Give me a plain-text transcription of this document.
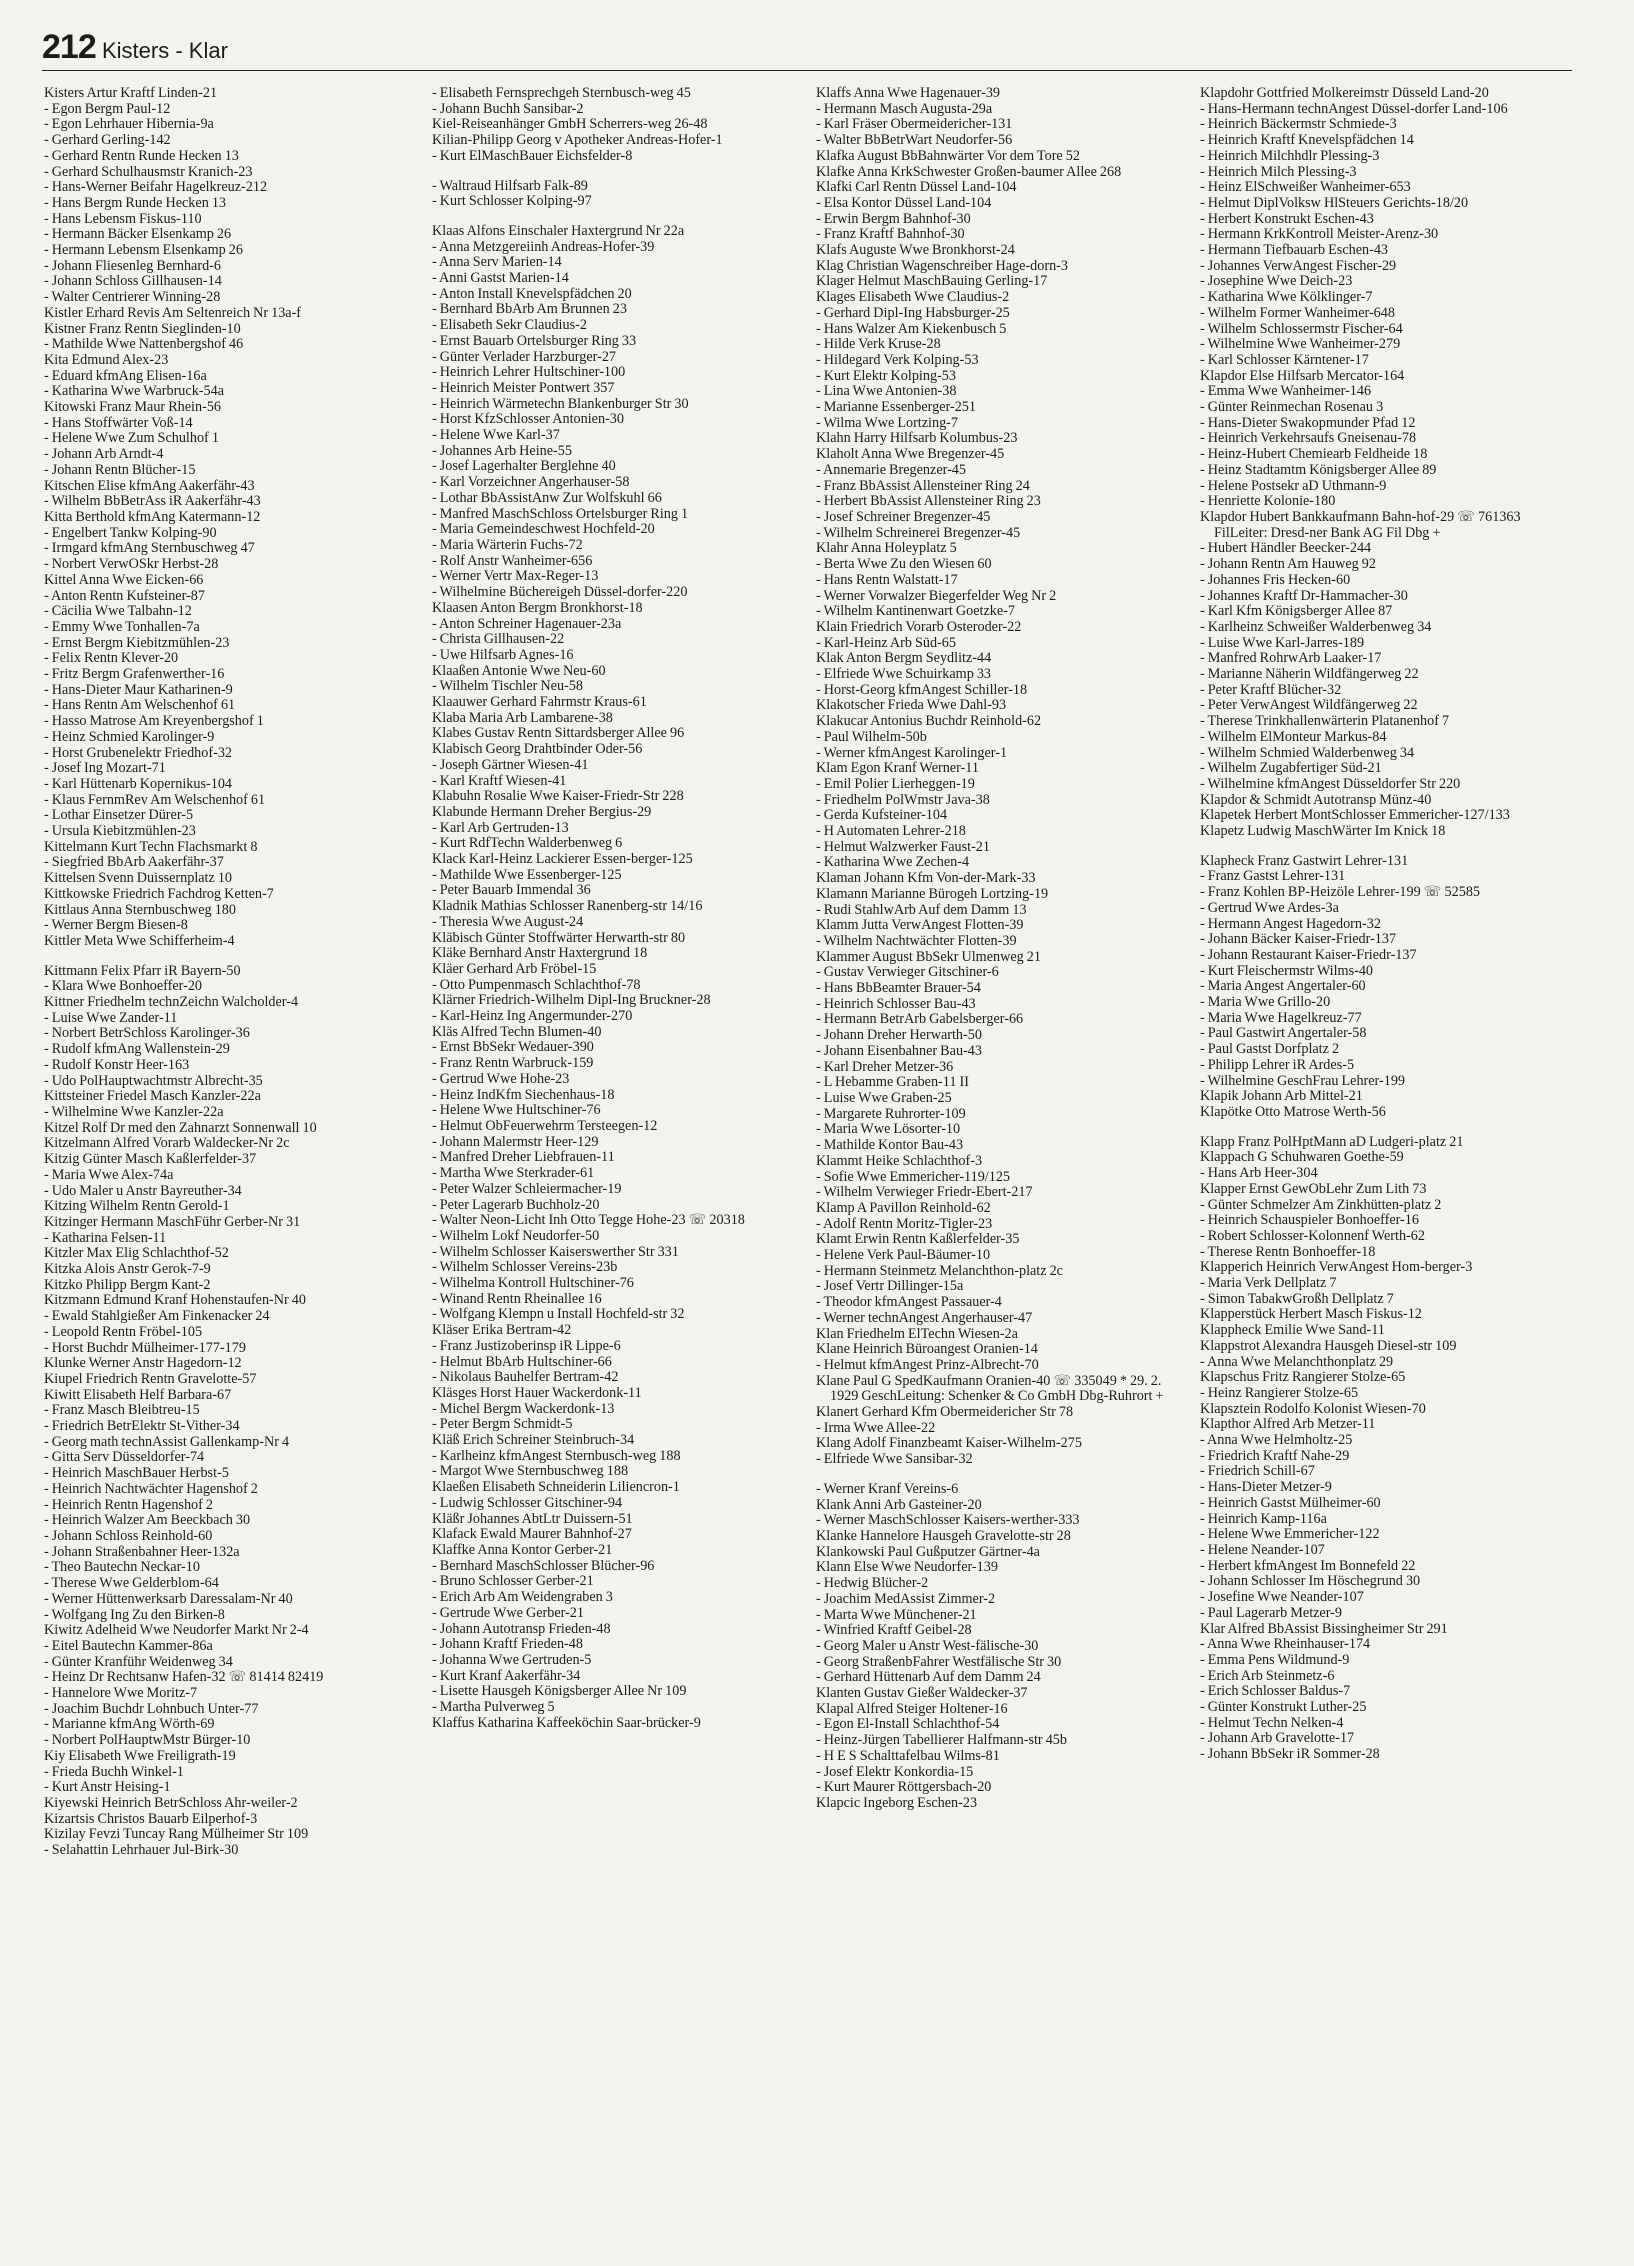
212 Kisters - Klar
Kisters Artur Kraftf Linden-21
- Egon Bergm Paul-12
- Egon Lehrhauer Hibernia-9a
- Gerhard Gerling-142
- Gerhard Rentn Runde Hecken 13
- Gerhard Schulhausmstr Kranich-23
- Hans-Werner Beifahr Hagelkreuz-212
- Hans Bergm Runde Hecken 13
- Hans Lebensm Fiskus-110
- Hermann Bäcker Elsenkamp 26
- Hermann Lebensm Elsenkamp 26
- Johann Fliesenleg Bernhard-6
- Johann Schloss Gillhausen-14
- Walter Centrierer Winning-28
Kistler Erhard Revis Am Seltenreich Nr 13a-f
Kistner Franz Rentn Sieglinden-10
- Mathilde Wwe Nattenbergshof 46
Kita Edmund Alex-23
- Eduard kfmAng Elisen-16a
- Katharina Wwe Warbruck-54a
Kitowski Franz Maur Rhein-56
- Hans Stoffwärter Voß-14
- Helene Wwe Zum Schulhof 1
- Johann Arb Arndt-4
- Johann Rentn Blücher-15
Kitschen Elise kfmAng Aakerfähr-43
- Wilhelm BbBetrAss iR Aakerfähr-43
Kitta Berthold kfmAng Katermann-12
- Engelbert Tankw Kolping-90
- Irmgard kfmAng Sternbuschweg 47
- Norbert VerwOSkr Herbst-28
Kittel Anna Wwe Eicken-66
- Anton Rentn Kufsteiner-87
- Cäcilia Wwe Talbahn-12
- Emmy Wwe Tonhallen-7a
- Ernst Bergm Kiebitzmühlen-23
- Felix Rentn Klever-20
- Fritz Bergm Grafenwerther-16
- Hans-Dieter Maur Katharinen-9
- Hans Rentn Am Welschenhof 61
- Hasso Matrose Am Kreyenbergshof 1
- Heinz Schmied Karolinger-9
- Horst Grubenelektr Friedhof-32
- Josef Ing Mozart-71
- Karl Hüttenarb Kopernikus-104
- Klaus FernmRev Am Welschenhof 61
- Lothar Einsetzer Dürer-5
- Ursula Kiebitzmühlen-23
Kittelmann Kurt Techn Flachsmarkt 8
- Siegfried BbArb Aakerfähr-37
Kittelsen Svenn Duissernplatz 10
Kittkowske Friedrich Fachdrog Ketten-7
Kittlaus Anna Sternbuschweg 180
- Werner Bergm Biesen-8
Kittler Meta Wwe Schifferheim-4
Kittmann Felix Pfarr iR Bayern-50
- Klara Wwe Bonhoeffer-20
Kittner Friedhelm technZeichn Walcholder-4
- Luise Wwe Zander-11
- Norbert BetrSchloss Karolinger-36
- Rudolf kfmAng Wallenstein-29
- Rudolf Konstr Heer-163
- Udo PolHauptwachtmstr Albrecht-35
Kittsteiner Friedel Masch Kanzler-22a
- Wilhelmine Wwe Kanzler-22a
Kitzel Rolf Dr med den Zahnarzt Sonnenwall 10
Kitzelmann Alfred Vorarb Waldecker-Nr 2c
Kitzig Günter Masch Kaßlerfelder-37
- Maria Wwe Alex-74a
- Udo Maler u Anstr Bayreuther-34
Kitzing Wilhelm Rentn Gerold-1
Kitzinger Hermann MaschFühr Gerber-Nr 31
- Katharina Felsen-11
Kitzler Max Elig Schlachthof-52
Kitzka Alois Anstr Gerok-7-9
Kitzko Philipp Bergm Kant-2
Kitzmann Edmund Kranf Hohenstaufen-Nr 40
- Ewald Stahlgießer Am Finkenacker 24
- Leopold Rentn Fröbel-105
- Horst Buchdr Mülheimer-177-179
Klunke Werner Anstr Hagedorn-12
Kiupel Friedrich Rentn Gravelotte-57
Kiwitt Elisabeth Helf Barbara-67
- Franz Masch Bleibtreu-15
- Friedrich BetrElektr St-Vither-34
- Georg math technAssist Gallenkamp-Nr 4
- Gitta Serv Düsseldorfer-74
- Heinrich MaschBauer Herbst-5
- Heinrich Nachtwächter Hagenshof 2
- Heinrich Rentn Hagenshof 2
- Heinrich Walzer Am Beeckbach 30
- Johann Schloss Reinhold-60
- Johann Straßenbahner Heer-132a
- Theo Bautechn Neckar-10
- Therese Wwe Gelderblom-64
- Werner Hüttenwerksarb Daressalam-Nr 40
- Wolfgang Ing Zu den Birken-8
Kiwitz Adelheid Wwe Neudorfer Markt Nr 2-4
- Eitel Bautechn Kammer-86a
- Günter Kranführ Weidenweg 34
- Heinz Dr Rechtsanw Hafen-32 ☏ 81414 82419
- Hannelore Wwe Moritz-7
- Joachim Buchdr Lohnbuch Unter-77
- Marianne kfmAng Wörth-69
- Norbert PolHauptwMstr Bürger-10
Kiy Elisabeth Wwe Freiligrath-19
- Frieda Buchh Winkel-1
- Kurt Anstr Heising-1
Kiyewski Heinrich BetrSchloss Ahr-weiler-2
Kizartsis Christos Bauarb Eilperhof-3
Kizilay Fevzi Tuncay Rang Mülheimer Str 109
- Selahattin Lehrhauer Jul-Birk-30
- Elisabeth Fernsprechgeh Sternbusch-weg 45
- Johann Buchh Sansibar-2
Kiel-Reiseanhänger GmbH Scherrers-weg 26-48
Kilian-Philipp Georg v Apotheker Andreas-Hofer-1
- Kurt ElMaschBauer Eichsfelder-8
- Waltraud Hilfsarb Falk-89
- Kurt Schlosser Kolping-97
Klaas Alfons Einschaler Haxtergrund Nr 22a
- Anna Metzgereiinh Andreas-Hofer-39
- Anna Serv Marien-14
- Anni Gastst Marien-14
- Anton Install Knevelspfädchen 20
- Bernhard BbArb Am Brunnen 23
- Elisabeth Sekr Claudius-2
- Ernst Bauarb Ortelsburger Ring 33
- Günter Verlader Harzburger-27
- Heinrich Lehrer Hultschiner-100
- Heinrich Meister Pontwert 357
- Heinrich Wärmetechn Blankenburger Str 30
- Horst KfzSchlosser Antonien-30
- Helene Wwe Karl-37
- Johannes Arb Heine-55
- Josef Lagerhalter Berglehne 40
- Karl Vorzeichner Angerhauser-58
- Lothar BbAssistAnw Zur Wolfskuhl 66
- Manfred MaschSchloss Ortelsburger Ring 1
- Maria Gemeindeschwest Hochfeld-20
- Maria Wärterin Fuchs-72
- Rolf Anstr Wanheimer-656
- Werner Vertr Max-Reger-13
- Wilhelmine Büchereigeh Düssel-dorfer-220
Klaasen Anton Bergm Bronkhorst-18
- Anton Schreiner Hagenauer-23a
- Christa Gillhausen-22
- Uwe Hilfsarb Agnes-16
Klaaßen Antonie Wwe Neu-60
- Wilhelm Tischler Neu-58
Klaauwer Gerhard Fahrmstr Kraus-61
Klaba Maria Arb Lambarene-38
Klabes Gustav Rentn Sittardsberger Allee 96
Klabisch Georg Drahtbinder Oder-56
- Joseph Gärtner Wiesen-41
- Karl Kraftf Wiesen-41
Klabuhn Rosalie Wwe Kaiser-Friedr-Str 228
Klabunde Hermann Dreher Bergius-29
- Karl Arb Gertruden-13
- Kurt RdfTechn Walderbenweg 6
Klack Karl-Heinz Lackierer Essen-berger-125
- Mathilde Wwe Essenberger-125
- Peter Bauarb Immendal 36
Kladnik Mathias Schlosser Ranenberg-str 14/16
- Theresia Wwe August-24
Kläbisch Günter Stoffwärter Herwarth-str 80
Kläke Bernhard Anstr Haxtergrund 18
Kläer Gerhard Arb Fröbel-15
- Otto Pumpenmasch Schlachthof-78
Klärner Friedrich-Wilhelm Dipl-Ing Bruckner-28
- Karl-Heinz Ing Angermunder-270
Kläs Alfred Techn Blumen-40
- Ernst BbSekr Wedauer-390
- Franz Rentn Warbruck-159
- Gertrud Wwe Hohe-23
- Heinz IndKfm Siechenhaus-18
- Helene Wwe Hultschiner-76
- Helmut ObFeuerwehrm Tersteegen-12
- Johann Malermstr Heer-129
- Manfred Dreher Liebfrauen-11
- Martha Wwe Sterkrader-61
- Peter Walzer Schleiermacher-19
- Peter Lagerarb Buchholz-20
- Walter Neon-Licht Inh Otto Tegge Hohe-23 ☏ 20318
- Wilhelm Lokf Neudorfer-50
- Wilhelm Schlosser Kaiserswerther Str 331
- Wilhelm Schlosser Vereins-23b
- Wilhelma Kontroll Hultschiner-76
- Winand Rentn Rheinallee 16
- Wolfgang Klempn u Install Hochfeld-str 32
Kläser Erika Bertram-42
- Franz Justizoberinsp iR Lippe-6
- Helmut BbArb Hultschiner-66
- Nikolaus Bauhelfer Bertram-42
Kläsges Horst Hauer Wackerdonk-11
- Michel Bergm Wackerdonk-13
- Peter Bergm Schmidt-5
Kläß Erich Schreiner Steinbruch-34
- Karlheinz kfmAngest Sternbusch-weg 188
- Margot Wwe Sternbuschweg 188
Klaeßen Elisabeth Schneiderin Liliencron-1
- Ludwig Schlosser Gitschiner-94
Kläßr Johannes AbtLtr Duissern-51
Klafack Ewald Maurer Bahnhof-27
Klaffke Anna Kontor Gerber-21
- Bernhard MaschSchlosser Blücher-96
- Bruno Schlosser Gerber-21
- Erich Arb Am Weidengraben 3
- Gertrude Wwe Gerber-21
- Johann Autotransp Frieden-48
- Johann Kraftf Frieden-48
- Johanna Wwe Gertruden-5
- Kurt Kranf Aakerfähr-34
- Lisette Hausgeh Königsberger Allee Nr 109
- Martha Pulverweg 5
Klaffus Katharina Kaffeeköchin Saar-brücker-9
Klaffs Anna Wwe Hagenauer-39
- Hermann Masch Augusta-29a
- Karl Fräser Obermeidericher-131
- Walter BbBetrWart Neudorfer-56
Klafka August BbBahnwärter Vor dem Tore 52
Klafke Anna KrkSchwester Großen-baumer Allee 268
Klafki Carl Rentn Düssel Land-104
- Elsa Kontor Düssel Land-104
- Erwin Bergm Bahnhof-30
- Franz Kraftf Bahnhof-30
Klafs Auguste Wwe Bronkhorst-24
Klag Christian Wagenschreiber Hage-dorn-3
Klager Helmut MaschBauing Gerling-17
Klages Elisabeth Wwe Claudius-2
- Gerhard Dipl-Ing Habsburger-25
- Hans Walzer Am Kiekenbusch 5
- Hilde Verk Kruse-28
- Hildegard Verk Kolping-53
- Kurt Elektr Kolping-53
- Lina Wwe Antonien-38
- Marianne Essenberger-251
- Wilma Wwe Lortzing-7
Klahn Harry Hilfsarb Kolumbus-23
Klaholt Anna Wwe Bregenzer-45
- Annemarie Bregenzer-45
- Franz BbAssist Allensteiner Ring 24
- Herbert BbAssist Allensteiner Ring 23
- Josef Schreiner Bregenzer-45
- Wilhelm Schreinerei Bregenzer-45
Klahr Anna Holeyplatz 5
- Berta Wwe Zu den Wiesen 60
- Hans Rentn Walstatt-17
- Werner Vorwalzer Biegerfelder Weg Nr 2
- Wilhelm Kantinenwart Goetzke-7
Klain Friedrich Vorarb Osteroder-22
- Karl-Heinz Arb Süd-65
Klak Anton Bergm Seydlitz-44
- Elfriede Wwe Schuirkamp 33
- Horst-Georg kfmAngest Schiller-18
Klakotscher Frieda Wwe Dahl-93
Klakucar Antonius Buchdr Reinhold-62
- Paul Wilhelm-50b
- Werner kfmAngest Karolinger-1
Klam Egon Kranf Werner-11
- Emil Polier Lierheggen-19
- Friedhelm PolWmstr Java-38
- Gerda Kufsteiner-104
- H Automaten Lehrer-218
- Helmut Walzwerker Faust-21
- Katharina Wwe Zechen-4
Klaman Johann Kfm Von-der-Mark-33
Klamann Marianne Bürogeh Lortzing-19
- Rudi StahlwArb Auf dem Damm 13
Klamm Jutta VerwAngest Flotten-39
- Wilhelm Nachtwächter Flotten-39
Klammer August BbSekr Ulmenweg 21
- Gustav Verwieger Gitschiner-6
- Hans BbBeamter Brauer-54
- Heinrich Schlosser Bau-43
- Hermann BetrArb Gabelsberger-66
- Johann Dreher Herwarth-50
- Johann Eisenbahner Bau-43
- Karl Dreher Metzer-36
- L Hebamme Graben-11 II
- Luise Wwe Graben-25
- Margarete Ruhrorter-109
- Maria Wwe Lösorter-10
- Mathilde Kontor Bau-43
Klammt Heike Schlachthof-3
- Sofie Wwe Emmericher-119/125
- Wilhelm Verwieger Friedr-Ebert-217
Klamp A Pavillon Reinhold-62
- Adolf Rentn Moritz-Tigler-23
Klamt Erwin Rentn Kaßlerfelder-35
- Helene Verk Paul-Bäumer-10
- Hermann Steinmetz Melanchthon-platz 2c
- Josef Vertr Dillinger-15a
- Theodor kfmAngest Passauer-4
- Werner technAngest Angerhauser-47
Klan Friedhelm ElTechn Wiesen-2a
Klane Heinrich Büroangest Oranien-14
- Helmut kfmAngest Prinz-Albrecht-70
Klane Paul G SpedKaufmann Oranien-40 ☏ 335049 * 29. 2. 1929 GeschLeitung: Schenker & Co GmbH Dbg-Ruhrort +
Klanert Gerhard Kfm Obermeidericher Str 78
- Irma Wwe Allee-22
Klang Adolf Finanzbeamt Kaiser-Wilhelm-275
- Elfriede Wwe Sansibar-32
- Werner Kranf Vereins-6
Klank Anni Arb Gasteiner-20
- Werner MaschSchlosser Kaisers-werther-333
Klanke Hannelore Hausgeh Gravelotte-str 28
Klankowski Paul Gußputzer Gärtner-4a
Klann Else Wwe Neudorfer-139
- Hedwig Blücher-2
- Joachim MedAssist Zimmer-2
- Marta Wwe Münchener-21
- Winfried Kraftf Geibel-28
- Georg Maler u Anstr West-fälische-30
- Georg StraßenbFahrer Westfälische Str 30
- Gerhard Hüttenarb Auf dem Damm 24
Klanten Gustav Gießer Waldecker-37
Klapal Alfred Steiger Holtener-16
- Egon El-Install Schlachthof-54
- Heinz-Jürgen Tabellierer Halfmann-str 45b
- H E S Schalttafelbau Wilms-81
- Josef Elektr Konkordia-15
- Kurt Maurer Röttgersbach-20
Klapcic Ingeborg Eschen-23
Klapdohr Gottfried Molkereimstr Düsseld Land-20
- Hans-Hermann technAngest Düssel-dorfer Land-106
- Heinrich Bäckermstr Schmiede-3
- Heinrich Kraftf Knevelspfädchen 14
- Heinrich Milchhdlr Plessing-3
- Heinrich Milch Plessing-3
- Heinz ElSchweißer Wanheimer-653
- Helmut DiplVolksw HlSteuers Gerichts-18/20
- Herbert Konstrukt Eschen-43
- Hermann KrkKontroll Meister-Arenz-30
- Hermann Tiefbauarb Eschen-43
- Johannes VerwAngest Fischer-29
- Josephine Wwe Deich-23
- Katharina Wwe Kölklinger-7
- Wilhelm Former Wanheimer-648
- Wilhelm Schlossermstr Fischer-64
- Wilhelmine Wwe Wanheimer-279
- Karl Schlosser Kärntener-17
Klapdor Else Hilfsarb Mercator-164
- Emma Wwe Wanheimer-146
- Günter Reinmechan Rosenau 3
- Hans-Dieter Swakopmunder Pfad 12
- Heinrich Verkehrsaufs Gneisenau-78
- Heinz-Hubert Chemiearb Feldheide 18
- Heinz Stadtamtm Königsberger Allee 89
- Helene Postsekr aD Uthmann-9
- Henriette Kolonie-180
Klapdor Hubert Bankkaufmann Bahn-hof-29 ☏ 761363 FilLeiter: Dresd-ner Bank AG Fil Dbg +
- Hubert Händler Beecker-244
- Johann Rentn Am Hauweg 92
- Johannes Fris Hecken-60
- Johannes Kraftf Dr-Hammacher-30
- Karl Kfm Königsberger Allee 87
- Karlheinz Schweißer Walderbenweg 34
- Luise Wwe Karl-Jarres-189
- Manfred RohrwArb Laaker-17
- Marianne Näherin Wildfängerweg 22
- Peter Kraftf Blücher-32
- Peter VerwAngest Wildfängerweg 22
- Therese Trinkhallenwärterin Platanenhof 7
- Wilhelm ElMonteur Markus-84
- Wilhelm Schmied Walderbenweg 34
- Wilhelm Zugabfertiger Süd-21
- Wilhelmine kfmAngest Düsseldorfer Str 220
Klapdor & Schmidt Autotransp Münz-40
Klapetek Herbert MontSchlosser Emmericher-127/133
Klapetz Ludwig MaschWärter Im Knick 18
Klapheck Franz Gastwirt Lehrer-131
- Franz Gastst Lehrer-131
- Franz Kohlen BP-Heizöle Lehrer-199 ☏ 52585
- Gertrud Wwe Ardes-3a
- Hermann Angest Hagedorn-32
- Johann Bäcker Kaiser-Friedr-137
- Johann Restaurant Kaiser-Friedr-137
- Kurt Fleischermstr Wilms-40
- Maria Angest Angertaler-60
- Maria Wwe Grillo-20
- Maria Wwe Hagelkreuz-77
- Paul Gastwirt Angertaler-58
- Paul Gastst Dorfplatz 2
- Philipp Lehrer iR Ardes-5
- Wilhelmine GeschFrau Lehrer-199
Klapik Johann Arb Mittel-21
Klapötke Otto Matrose Werth-56
Klapp Franz PolHptMann aD Ludgeri-platz 21
Klappach G Schuhwaren Goethe-59
- Hans Arb Heer-304
Klapper Ernst GewObLehr Zum Lith 73
- Günter Schmelzer Am Zinkhütten-platz 2
- Heinrich Schauspieler Bonhoeffer-16
- Robert Schlosser-Kolonnenf Werth-62
- Therese Rentn Bonhoeffer-18
Klapperich Heinrich VerwAngest Hom-berger-3
- Maria Verk Dellplatz 7
- Simon TabakwGroßh Dellplatz 7
Klapperstück Herbert Masch Fiskus-12
Klappheck Emilie Wwe Sand-11
Klappstrot Alexandra Hausgeh Diesel-str 109
- Anna Wwe Melanchthonplatz 29
Klapschus Fritz Rangierer Stolze-65
- Heinz Rangierer Stolze-65
Klapsztein Rodolfo Kolonist Wiesen-70
Klapthor Alfred Arb Metzer-11
- Anna Wwe Helmholtz-25
- Friedrich Kraftf Nahe-29
- Friedrich Schill-67
- Hans-Dieter Metzer-9
- Heinrich Gastst Mülheimer-60
- Heinrich Kamp-116a
- Helene Wwe Emmericher-122
- Helene Neander-107
- Herbert kfmAngest Im Bonnefeld 22
- Johann Schlosser Im Höschegrund 30
- Josefine Wwe Neander-107
- Paul Lagerarb Metzer-9
Klar Alfred BbAssist Bissingheimer Str 291
- Anna Wwe Rheinhauser-174
- Emma Pens Wildmund-9
- Erich Arb Steinmetz-6
- Erich Schlosser Baldus-7
- Günter Konstrukt Luther-25
- Helmut Techn Nelken-4
- Johann Arb Gravelotte-17
- Johann BbSekr iR Sommer-28
